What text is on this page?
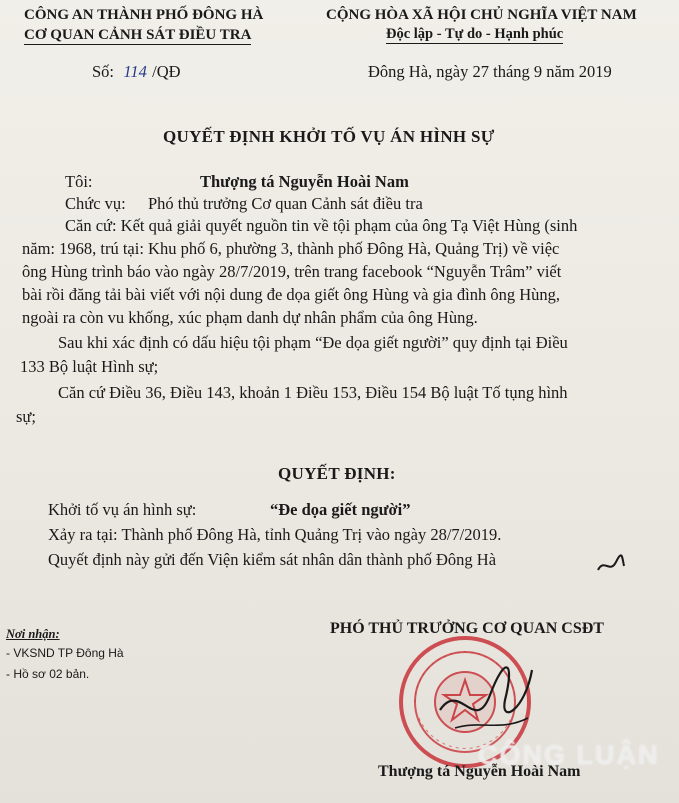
CÔNG AN THÀNH PHỐ ĐÔNG HÀ
CƠ QUAN CẢNH SÁT ĐIỀU TRA
CỘNG HÒA XÃ HỘI CHỦ NGHĨA VIỆT NAM
Độc lập - Tự do - Hạnh phúc
Số: 114 /QĐ	Đông Hà, ngày 27 tháng 9 năm 2019
QUYẾT ĐỊNH KHỞI TỐ VỤ ÁN HÌNH SỰ
Tôi:	Thượng tá Nguyễn Hoài Nam
Chức vụ: Phó thủ trưởng Cơ quan Cảnh sát điều tra
Căn cứ: Kết quả giải quyết nguồn tin về tội phạm của ông Tạ Việt Hùng (sinh
năm: 1968, trú tại: Khu phố 6, phường 3, thành phố Đông Hà, Quảng Trị) về việc
ông Hùng trình báo vào ngày 28/7/2019, trên trang facebook “Nguyễn Trâm” viết
bài rồi đăng tải bài viết với nội dung đe dọa giết ông Hùng và gia đình ông Hùng,
ngoài ra còn vu khống, xúc phạm danh dự nhân phẩm của ông Hùng.
Sau khi xác định có dấu hiệu tội phạm “Đe dọa giết người” quy định tại Điều
133 Bộ luật Hình sự;
Căn cứ Điều 36, Điều 143, khoản 1 Điều 153, Điều 154 Bộ luật Tố tụng hình
sự;
QUYẾT ĐỊNH:
Khởi tố vụ án hình sự:	“Đe dọa giết người”
Xảy ra tại: Thành phố Đông Hà, tỉnh Quảng Trị vào ngày 28/7/2019.
Quyết định này gửi đến Viện kiểm sát nhân dân thành phố Đông Hà
Nơi nhận:
- VKSND TP Đông Hà
- Hồ sơ 02 bản.
PHÓ THỦ TRƯỞNG CƠ QUAN CSĐT
CÔNG LUẬN
Thượng tá Nguyễn Hoài Nam
